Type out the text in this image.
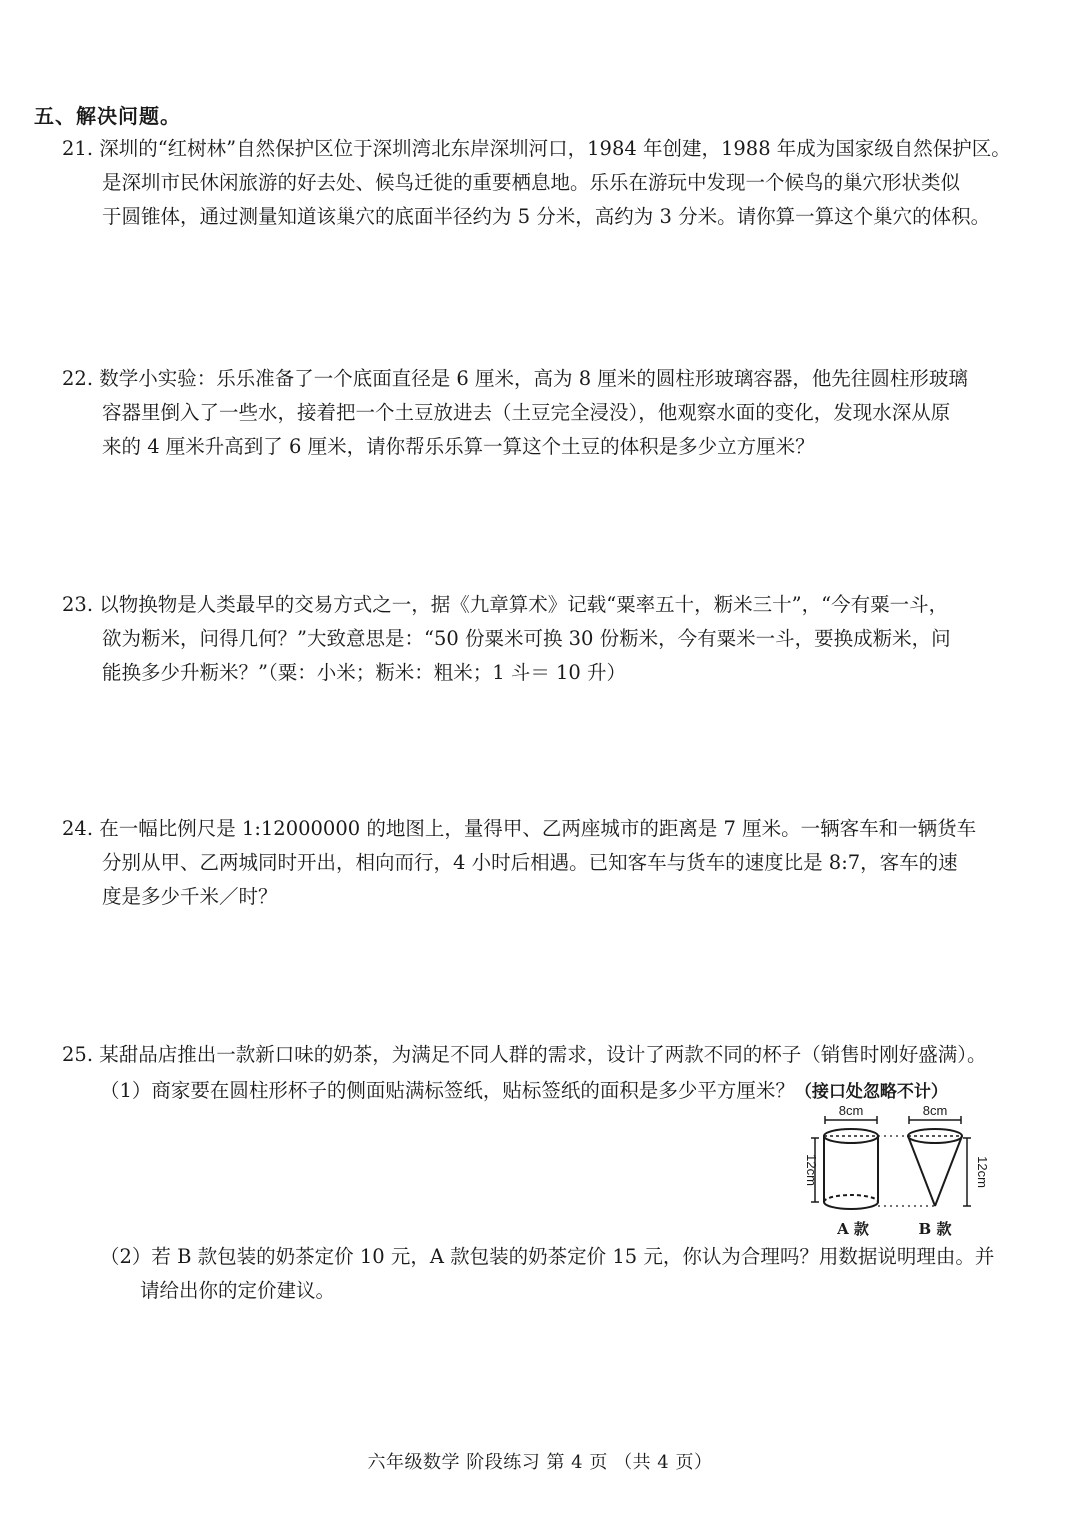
五、解决问题。
21. 深圳的“红树林”自然保护区位于深圳湾北东岸深圳河口，1984 年创建，1988 年成为国家级自然保护区。
是深圳市民休闲旅游的好去处、候鸟迁徙的重要栖息地。乐乐在游玩中发现一个候鸟的巢穴形状类似
于圆锥体，通过测量知道该巢穴的底面半径约为 5 分米，高约为 3 分米。请你算一算这个巢穴的体积。
22. 数学小实验：乐乐准备了一个底面直径是 6 厘米，高为 8 厘米的圆柱形玻璃容器，他先往圆柱形玻璃
容器里倒入了一些水，接着把一个土豆放进去（土豆完全浸没），他观察水面的变化，发现水深从原
来的 4 厘米升高到了 6 厘米，请你帮乐乐算一算这个土豆的体积是多少立方厘米？
23. 以物换物是人类最早的交易方式之一，据《九章算术》记载“粟率五十，粝米三十”，“今有粟一斗，
欲为粝米，问得几何？”大致意思是：“50 份粟米可换 30 份粝米，今有粟米一斗，要换成粝米，问
能换多少升粝米？”（粟：小米；粝米：粗米；1 斗＝ 10 升）
24. 在一幅比例尺是 1:12000000 的地图上，量得甲、乙两座城市的距离是 7 厘米。一辆客车和一辆货车
分别从甲、乙两城同时开出，相向而行，4 小时后相遇。已知客车与货车的速度比是 8:7，客车的速
度是多少千米／时？
25. 某甜品店推出一款新口味的奶茶，为满足不同人群的需求，设计了两款不同的杯子（销售时刚好盛满）。
（1）商家要在圆柱形杯子的侧面贴满标签纸，贴标签纸的面积是多少平方厘米？（接口处忽略不计）
8cm	8cm
12cm	12cm
A 款	B 款
（2）若 B 款包装的奶茶定价 10 元，A 款包装的奶茶定价 15 元，你认为合理吗？用数据说明理由。并
请给出你的定价建议。
六年级数学 阶段练习 第 4 页 （共 4 页）
